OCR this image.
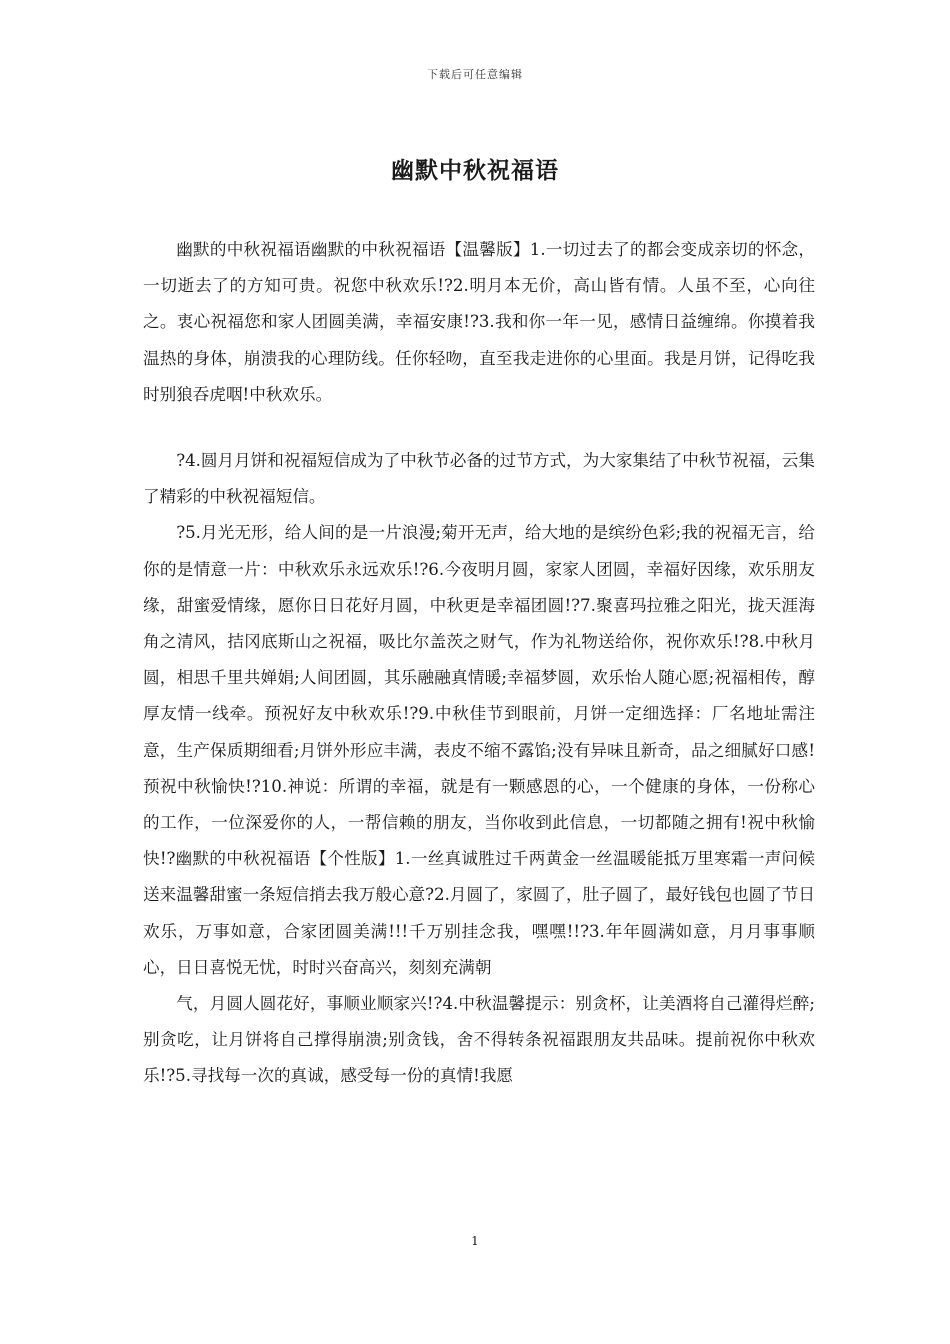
下载后可任意编辑
幽默中秋祝福语

幽默的中秋祝福语幽默的中秋祝福语【温馨版】1.一切过去了的都会变成亲切的怀念，一切逝去了的方知可贵。祝您中秋欢乐!?2.明月本无价，高山皆有情。人虽不至，心向往之。衷心祝福您和家人团圆美满，幸福安康!?3.我和你一年一见，感情日益缠绵。你摸着我温热的身体，崩溃我的心理防线。任你轻吻，直至我走进你的心里面。我是月饼，记得吃我时别狼吞虎咽!中秋欢乐。

?4.圆月月饼和祝福短信成为了中秋节必备的过节方式，为大家集结了中秋节祝福，云集了精彩的中秋祝福短信。

?5.月光无形，给人间的是一片浪漫;菊开无声，给大地的是缤纷色彩;我的祝福无言，给你的是情意一片：中秋欢乐永远欢乐!?6.今夜明月圆，家家人团圆，幸福好因缘，欢乐朋友缘，甜蜜爱情缘，愿你日日花好月圆，中秋更是幸福团圆!?7.聚喜玛拉雅之阳光，拢天涯海角之清风，拮冈底斯山之祝福，吸比尔盖茨之财气，作为礼物送给你，祝你欢乐!?8.中秋月圆，相思千里共婵娟;人间团圆，其乐融融真情暖;幸福梦圆，欢乐怡人随心愿;祝福相传，醇厚友情一线牵。预祝好友中秋欢乐!?9.中秋佳节到眼前，月饼一定细选择：厂名地址需注意，生产保质期细看;月饼外形应丰满，表皮不缩不露馅;没有异味且新奇，品之细腻好口感!预祝中秋愉快!?10.神说：所谓的幸福，就是有一颗感恩的心，一个健康的身体，一份称心的工作，一位深爱你的人，一帮信赖的朋友，当你收到此信息，一切都随之拥有!祝中秋愉快!?幽默的中秋祝福语【个性版】1.一丝真诚胜过千两黄金一丝温暖能抵万里寒霜一声问候送来温馨甜蜜一条短信捎去我万般心意?2.月圆了，家圆了，肚子圆了，最好钱包也圆了节日欢乐，万事如意，合家团圆美满!!!千万别挂念我，嘿嘿!!?3.年年圆满如意，月月事事顺心，日日喜悦无忧，时时兴奋高兴，刻刻充满朝

气，月圆人圆花好，事顺业顺家兴!?4.中秋温馨提示：别贪杯，让美酒将自己灌得烂醉;别贪吃，让月饼将自己撑得崩溃;别贪钱，舍不得转条祝福跟朋友共品味。提前祝你中秋欢乐!?5.寻找每一次的真诚，感受每一份的真情!我愿

1
